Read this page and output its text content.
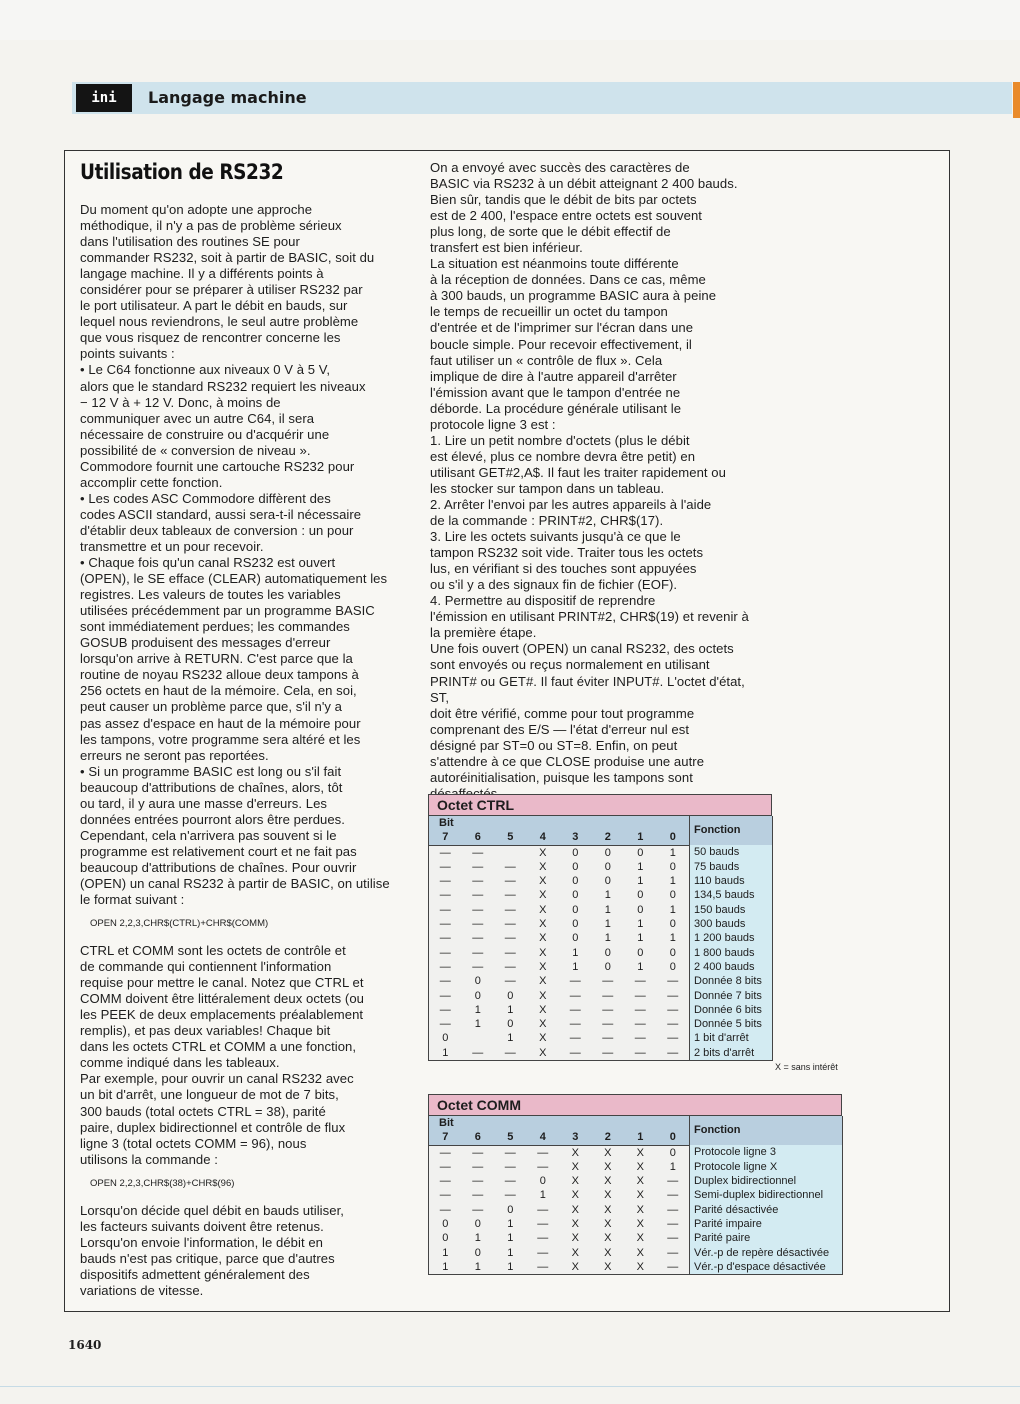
ini	Langage machine
Utilisation de RS232

Du moment qu'on adopte une approche
méthodique, il n'y a pas de problème sérieux
dans l'utilisation des routines SE pour
commander RS232, soit à partir de BASIC, soit du
langage machine. Il y a différents points à
considérer pour se préparer à utiliser RS232 par
le port utilisateur. A part le débit en bauds, sur
lequel nous reviendrons, le seul autre problème
que vous risquez de rencontrer concerne les
points suivants :
• Le C64 fonctionne aux niveaux 0 V à 5 V,
alors que le standard RS232 requiert les niveaux
− 12 V à + 12 V. Donc, à moins de
communiquer avec un autre C64, il sera
nécessaire de construire ou d'acquérir une
possibilité de « conversion de niveau ».
Commodore fournit une cartouche RS232 pour
accomplir cette fonction.
• Les codes ASC Commodore diffèrent des
codes ASCII standard, aussi sera-t-il nécessaire
d'établir deux tableaux de conversion : un pour
transmettre et un pour recevoir.
• Chaque fois qu'un canal RS232 est ouvert
(OPEN), le SE efface (CLEAR) automatiquement les
registres. Les valeurs de toutes les variables
utilisées précédemment par un programme BASIC
sont immédiatement perdues; les commandes
GOSUB produisent des messages d'erreur
lorsqu'on arrive à RETURN. C'est parce que la
routine de noyau RS232 alloue deux tampons à
256 octets en haut de la mémoire. Cela, en soi,
peut causer un problème parce que, s'il n'y a
pas assez d'espace en haut de la mémoire pour
les tampons, votre programme sera altéré et les
erreurs ne seront pas reportées.
• Si un programme BASIC est long ou s'il fait
beaucoup d'attributions de chaînes, alors, tôt
ou tard, il y aura une masse d'erreurs. Les
données entrées pourront alors être perdues.
Cependant, cela n'arrivera pas souvent si le
programme est relativement court et ne fait pas
beaucoup d'attributions de chaînes. Pour ouvrir
(OPEN) un canal RS232 à partir de BASIC, on utilise
le format suivant :

OPEN 2,2,3,CHR$(CTRL)+CHR$(COMM)

CTRL et COMM sont les octets de contrôle et
de commande qui contiennent l'information
requise pour mettre le canal. Notez que CTRL et
COMM doivent être littéralement deux octets (ou
les PEEK de deux emplacements préalablement
remplis), et pas deux variables! Chaque bit
dans les octets CTRL et COMM a une fonction,
comme indiqué dans les tableaux.
Par exemple, pour ouvrir un canal RS232 avec
un bit d'arrêt, une longueur de mot de 7 bits,
300 bauds (total octets CTRL = 38), parité
paire, duplex bidirectionnel et contrôle de flux
ligne 3 (total octets COMM = 96), nous
utilisons la commande :

OPEN 2,2,3,CHR$(38)+CHR$(96)

Lorsqu'on décide quel débit en bauds utiliser,
les facteurs suivants doivent être retenus.
Lorsqu'on envoie l'information, le débit en
bauds n'est pas critique, parce que d'autres
dispositifs admettent généralement des
variations de vitesse.

On a envoyé avec succès des caractères de
BASIC via RS232 à un débit atteignant 2 400 bauds.
Bien sûr, tandis que le débit de bits par octets
est de 2 400, l'espace entre octets est souvent
plus long, de sorte que le débit effectif de
transfert est bien inférieur.
La situation est néanmoins toute différente
à la réception de données. Dans ce cas, même
à 300 bauds, un programme BASIC aura à peine
le temps de recueillir un octet du tampon
d'entrée et de l'imprimer sur l'écran dans une
boucle simple. Pour recevoir effectivement, il
faut utiliser un « contrôle de flux ». Cela
implique de dire à l'autre appareil d'arrêter
l'émission avant que le tampon d'entrée ne
déborde. La procédure générale utilisant le
protocole ligne 3 est :
1. Lire un petit nombre d'octets (plus le débit
est élevé, plus ce nombre devra être petit) en
utilisant GET#2,A$. Il faut les traiter rapidement ou
les stocker sur tampon dans un tableau.
2. Arrêter l'envoi par les autres appareils à l'aide
de la commande : PRINT#2, CHR$(17).
3. Lire les octets suivants jusqu'à ce que le
tampon RS232 soit vide. Traiter tous les octets
lus, en vérifiant si des touches sont appuyées
ou s'il y a des signaux fin de fichier (EOF).
4. Permettre au dispositif de reprendre
l'émission en utilisant PRINT#2, CHR$(19) et revenir à
la première étape.
Une fois ouvert (OPEN) un canal RS232, des octets
sont envoyés ou reçus normalement en utilisant
PRINT# ou GET#. Il faut éviter INPUT#. L'octet d'état, ST,
doit être vérifié, comme pour tout programme
comprenant des E/S — l'état d'erreur nul est
désigné par ST=0 ou ST=8. Enfin, on peut
s'attendre à ce que CLOSE produise une autre
autoréinitialisation, puisque les tampons sont

Octet CTRL
Bit								Fonction
7	6	5	4	3	2	1	0	
—	—		X	0	0	0	1	50 bauds
—	—	—	X	0	0	1	0	75 bauds
—	—	—	X	0	0	1	1	110 bauds
—	—	—	X	0	1	0	0	134,5 bauds
—	—	—	X	0	1	0	1	150 bauds
—	—	—	X	0	1	1	0	300 bauds
—	—	—	X	0	1	1	1	1 200 bauds
—	—	—	X	1	0	0	0	1 800 bauds
—	—	—	X	1	0	1	0	2 400 bauds
—	0	—	X	—	—	—	—	Donnée 8 bits
—	0	0	X	—	—	—	—	Donnée 7 bits
—	1	1	X	—	—	—	—	Donnée 6 bits
—	1	0	X	—	—	—	—	Donnée 5 bits
0		1	X	—	—	—	—	1 bit d'arrêt
1	—	—	X	—	—	—	—	2 bits d'arrêt
X = sans intérêt
Octet COMM
Bit								Fonction
7	6	5	4	3	2	1	0	
—	—	—	—	X	X	X	0	Protocole ligne 3
—	—	—	—	X	X	X	1	Protocole ligne X
—	—	—	0	X	X	X	—	Duplex bidirectionnel
—	—	—	1	X	X	X	—	Semi-duplex bidirectionnel
—	—	0	—	X	X	X	—	Parité désactivée
0	0	1	—	X	X	X	—	Parité impaire
0	1	1	—	X	X	X	—	Parité paire
1	0	1	—	X	X	X	—	Vér.-p de repère désactivée
1	1	1	—	X	X	X	—	Vér.-p d'espace désactivée
1640
